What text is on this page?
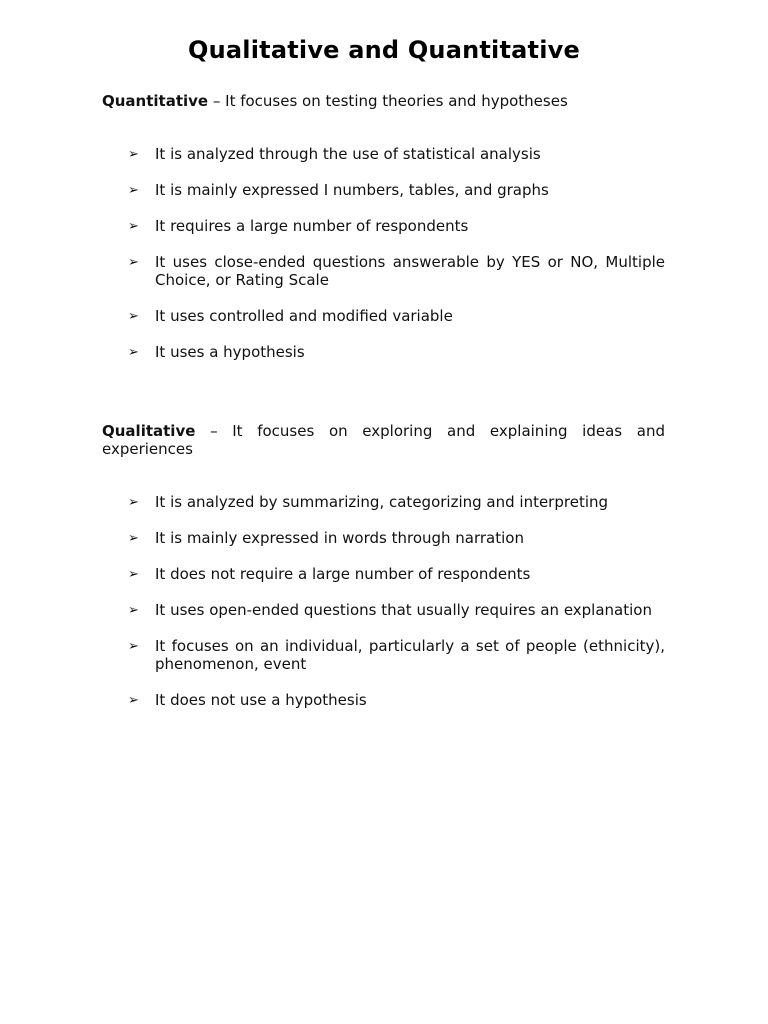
Qualitative and Quantitative
Quantitative – It focuses on testing theories and hypotheses
➢ It is analyzed through the use of statistical analysis
➢ It is mainly expressed I numbers, tables, and graphs
➢ It requires a large number of respondents
➢ It uses close-ended questions answerable by YES or NO, Multiple Choice, or Rating Scale
➢ It uses controlled and modified variable
➢ It uses a hypothesis
Qualitative – It focuses on exploring and explaining ideas and experiences
➢ It is analyzed by summarizing, categorizing and interpreting
➢ It is mainly expressed in words through narration
➢ It does not require a large number of respondents
➢ It uses open-ended questions that usually requires an explanation
➢ It focuses on an individual, particularly a set of people (ethnicity), phenomenon, event
➢ It does not use a hypothesis
